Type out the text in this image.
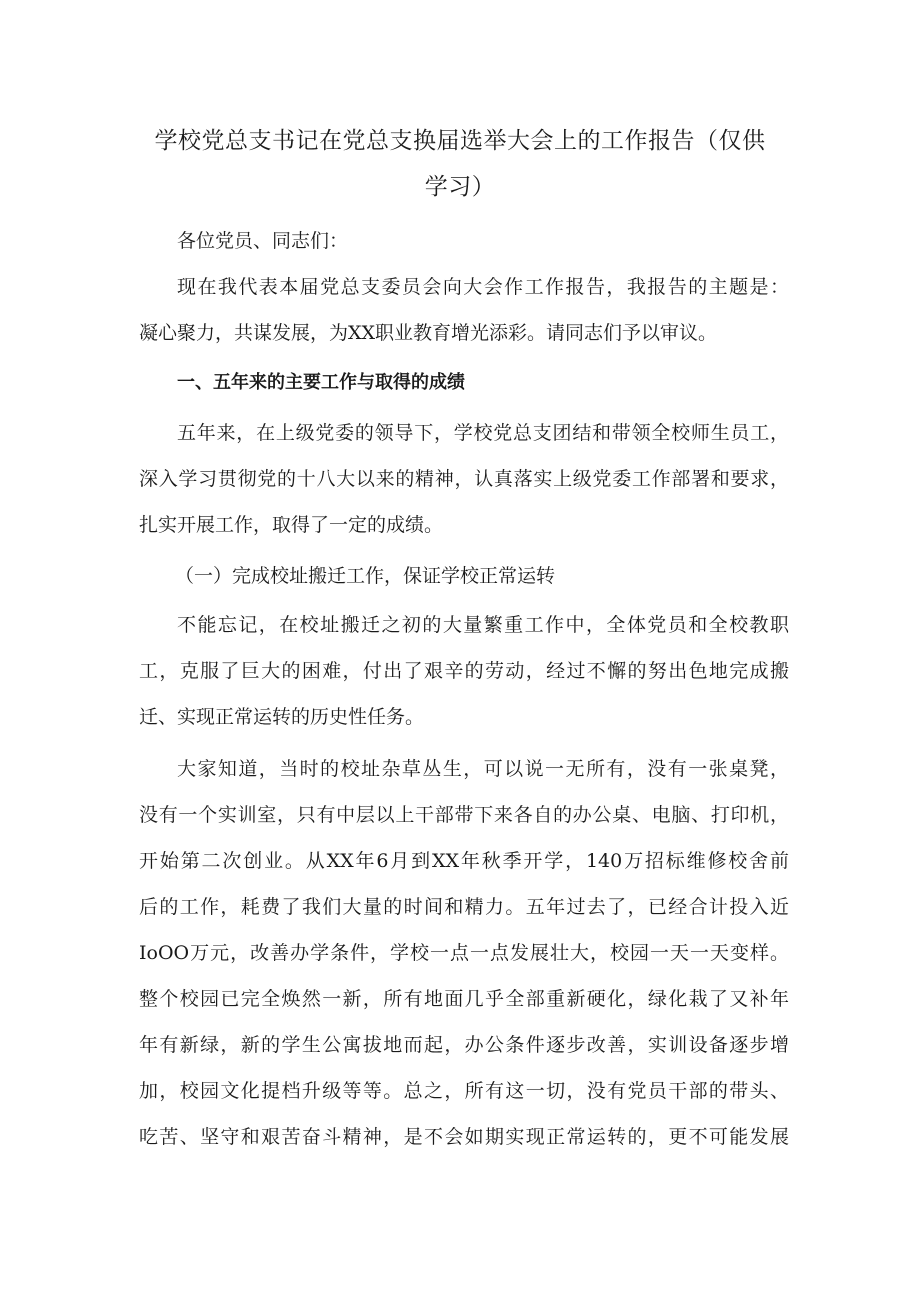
学校党总支书记在党总支换届选举大会上的工作报告（仅供
学习）
各位党员、同志们：
现在我代表本届党总支委员会向大会作工作报告，我报告的主题是：
凝心聚力，共谋发展，为XX职业教育增光添彩。请同志们予以审议。
一、五年来的主要工作与取得的成绩
五年来，在上级党委的领导下，学校党总支团结和带领全校师生员工，
深入学习贯彻党的十八大以来的精神，认真落实上级党委工作部署和要求，
扎实开展工作，取得了一定的成绩。
（一）完成校址搬迁工作，保证学校正常运转
不能忘记，在校址搬迁之初的大量繁重工作中，全体党员和全校教职
工，克服了巨大的困难，付出了艰辛的劳动，经过不懈的努出色地完成搬
迁、实现正常运转的历史性任务。
大家知道，当时的校址杂草丛生，可以说一无所有，没有一张桌凳，
没有一个实训室，只有中层以上干部带下来各自的办公桌、电脑、打印机，
开始第二次创业。从XX年6月到XX年秋季开学，140万招标维修校舍前
后的工作，耗费了我们大量的时间和精力。五年过去了，已经合计投入近
IoOO万元，改善办学条件，学校一点一点发展壮大，校园一天一天变样。
整个校园已完全焕然一新，所有地面几乎全部重新硬化，绿化栽了又补年
年有新绿，新的学生公寓拔地而起，办公条件逐步改善，实训设备逐步增
加，校园文化提档升级等等。总之，所有这一切，没有党员干部的带头、
吃苦、坚守和艰苦奋斗精神，是不会如期实现正常运转的，更不可能发展
